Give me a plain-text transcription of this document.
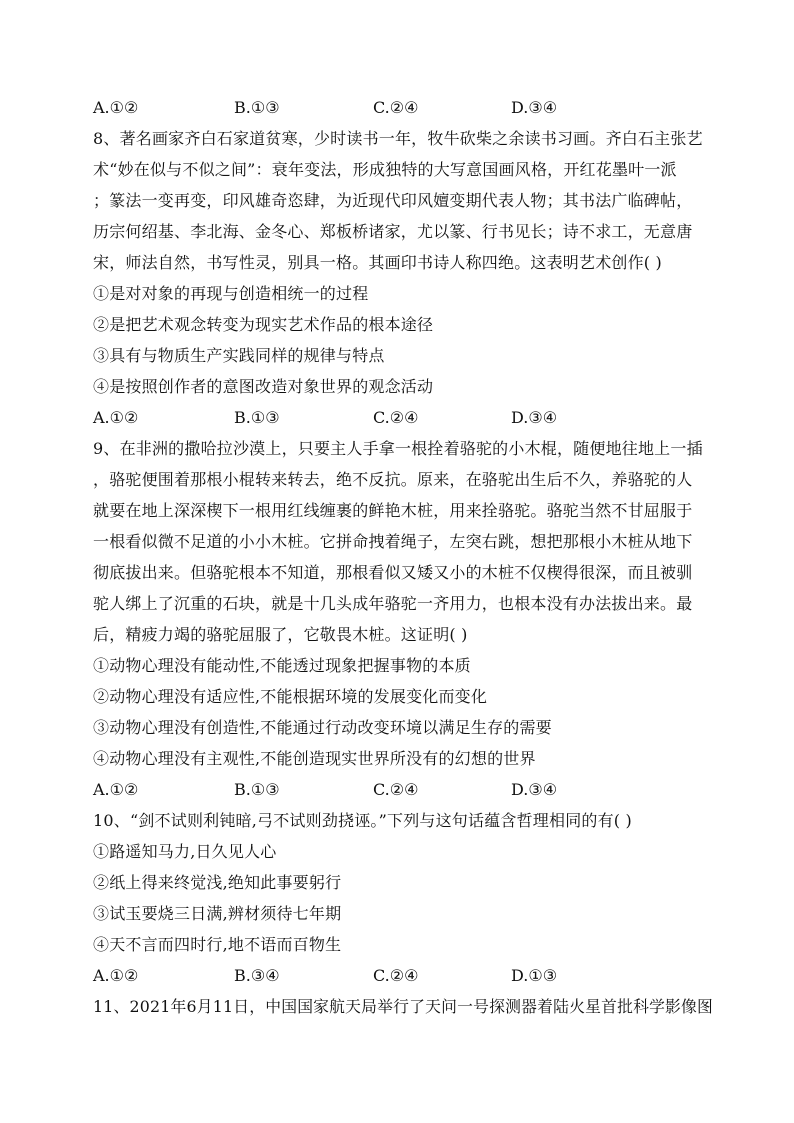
A.①②	B.①③	C.②④	D.③④
8、著名画家齐白石家道贫寒，少时读书一年，牧牛砍柴之余读书习画。齐白石主张艺
术“妙在似与不似之间”：衰年变法，形成独特的大写意国画风格，开红花墨叶一派
；篆法一变再变，印风雄奇恣肆，为近现代印风嬗变期代表人物；其书法广临碑帖，
历宗何绍基、李北海、金冬心、郑板桥诸家，尤以篆、行书见长；诗不求工，无意唐
宋，师法自然，书写性灵，别具一格。其画印书诗人称四绝。这表明艺术创作( )
①是对对象的再现与创造相统一的过程
②是把艺术观念转变为现实艺术作品的根本途径
③具有与物质生产实践同样的规律与特点
④是按照创作者的意图改造对象世界的观念活动
A.①②	B.①③	C.②④	D.③④
9、在非洲的撒哈拉沙漠上，只要主人手拿一根拴着骆驼的小木棍，随便地往地上一插
，骆驼便围着那根小棍转来转去，绝不反抗。原来，在骆驼出生后不久，养骆驼的人
就要在地上深深楔下一根用红线缠裹的鲜艳木桩，用来拴骆驼。骆驼当然不甘屈服于
一根看似微不足道的小小木桩。它拼命拽着绳子，左突右跳，想把那根小木桩从地下
彻底拔出来。但骆驼根本不知道，那根看似又矮又小的木桩不仅楔得很深，而且被驯
驼人绑上了沉重的石块，就是十几头成年骆驼一齐用力，也根本没有办法拔出来。最
后，精疲力竭的骆驼屈服了，它敬畏木桩。这证明( )
①动物心理没有能动性,不能透过现象把握事物的本质
②动物心理没有适应性,不能根据环境的发展变化而变化
③动物心理没有创造性,不能通过行动改变环境以满足生存的需要
④动物心理没有主观性,不能创造现实世界所没有的幻想的世界
A.①②	B.①③	C.②④	D.③④
10、“剑不试则利钝暗,弓不试则劲挠诬。”下列与这句话蕴含哲理相同的有( )
①路遥知马力,日久见人心
②纸上得来终觉浅,绝知此事要躬行
③试玉要烧三日满,辨材须待七年期
④天不言而四时行,地不语而百物生
A.①②	B.③④	C.②④	D.①③
11、2021年6月11日，中国国家航天局举行了天问一号探测器着陆火星首批科学影像图
